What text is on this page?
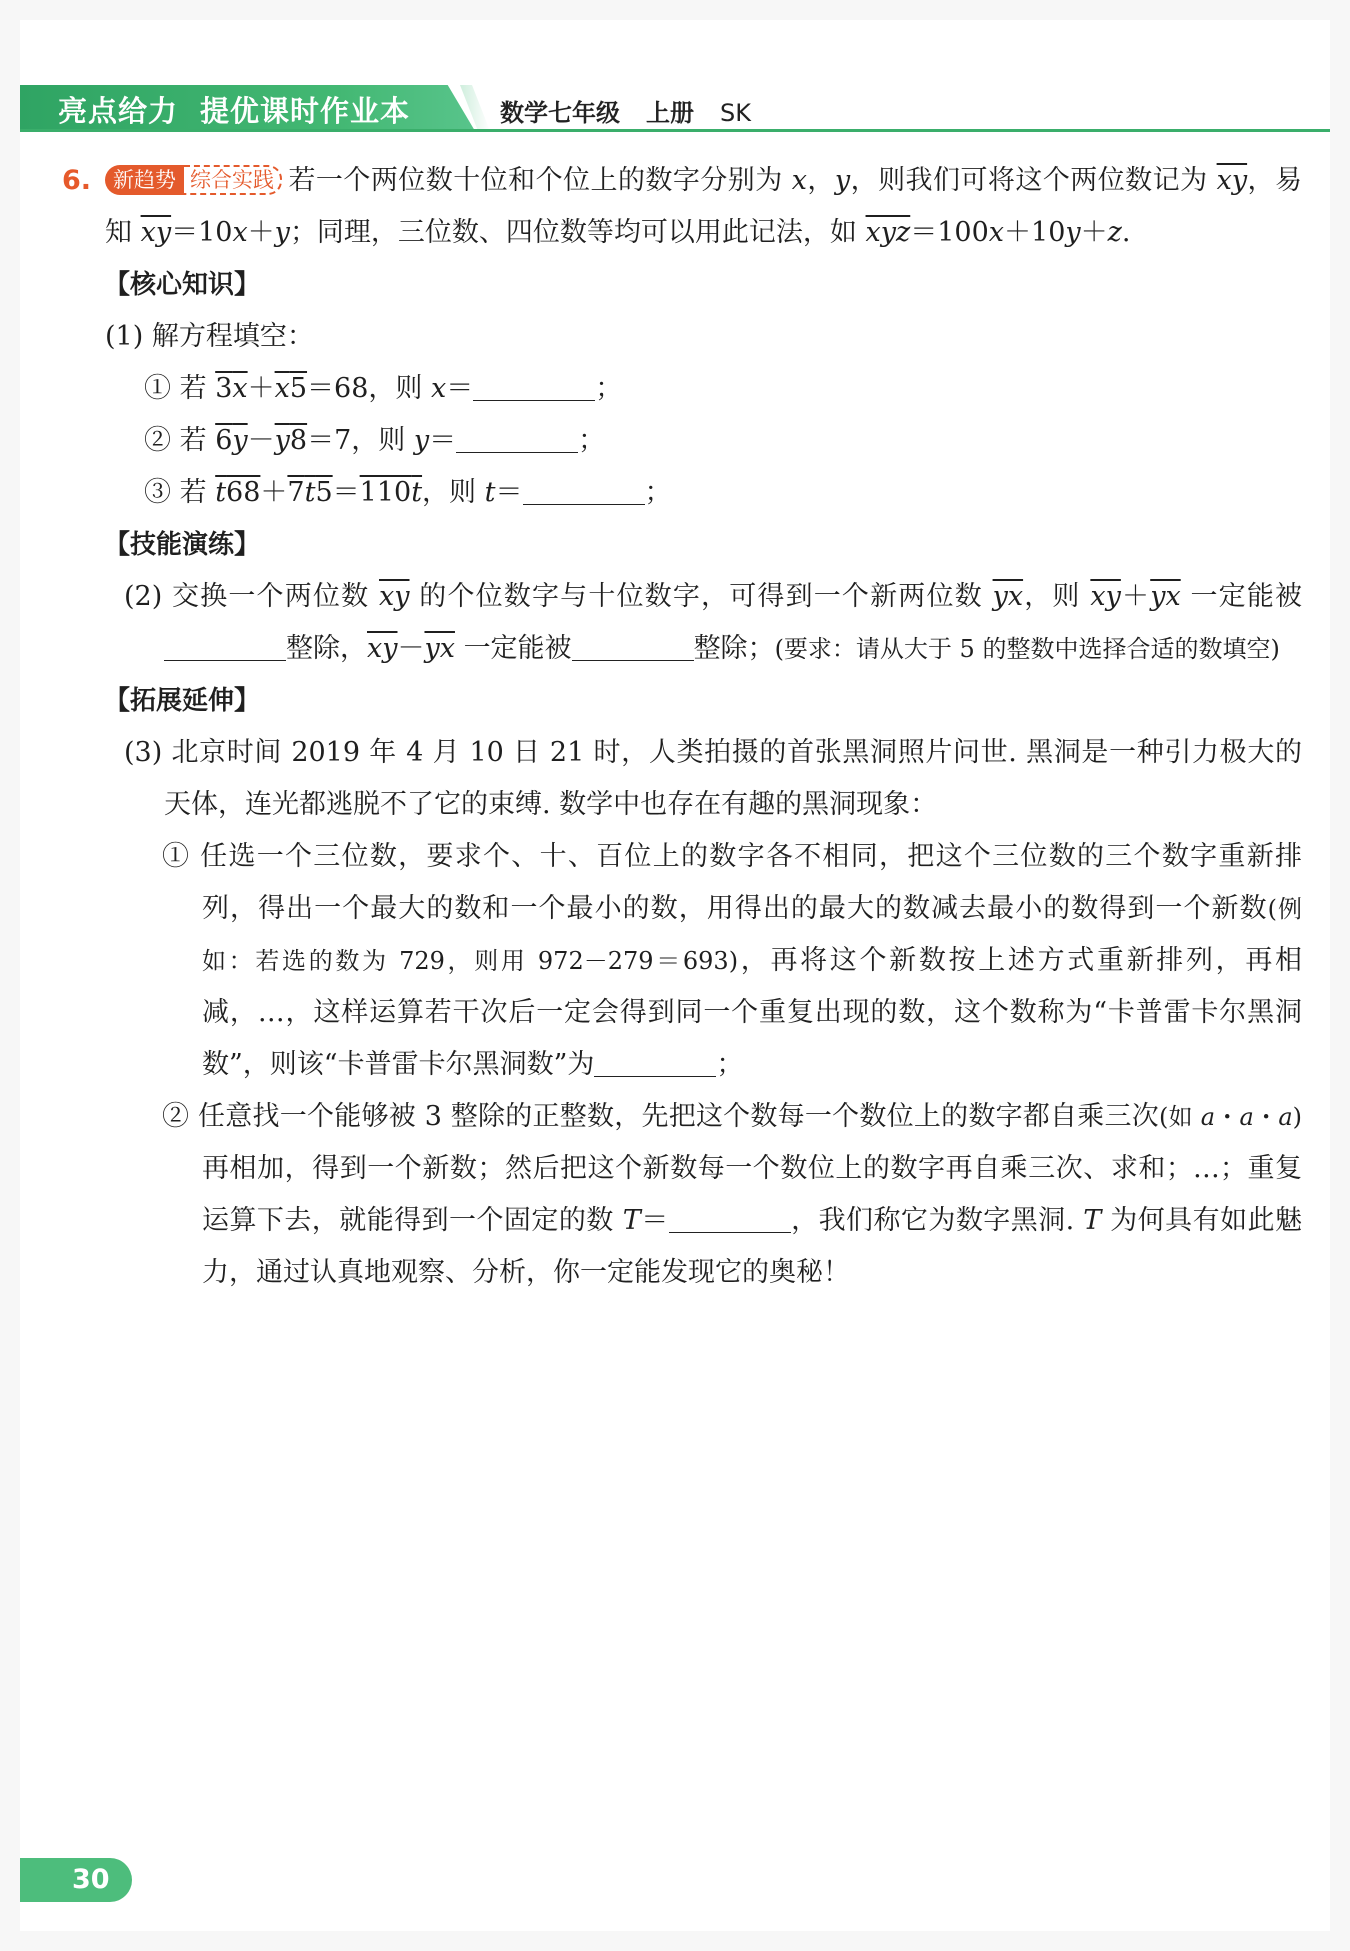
亮点给力 提优课时作业本	数学七年级 上册 SK
6.	新趋势 综合实践 若一个两位数十位和个位上的数字分别为 x，y，则我们可将这个两位数记为 $\overline{xy}$，易知 $\overline{xy}=10x+y$；同理，三位数、四位数等均可以用此记法，如 $\overline{xyz}=100x+10y+z$.

【核心知识】

(1) 解方程填空：

① 若 3x＋x5＝68，则 x＝	；

② 若 6y－y8＝7，则 y＝	；

③ 若 t68＋7t5＝110t，则 t＝	；

【技能演练】

(2) 交换一个两位数 $\overline{xy}$ 的个位数字与十位数字，可得到一个新两位数 $\overline{yx}$，则 $\overline{xy}+\overline{yx}$ 一定能被整除，$\overline{xy}-\overline{yx}$ 一定能被	整除；(要求：请从大于 5 的整数中选择合适的数填空)

【拓展延伸】

(3) 北京时间 2019 年 4 月 10 日 21 时，人类拍摄的首张黑洞照片问世. 黑洞是一种引力极大的天体，连光都逃脱不了它的束缚. 数学中也存在有趣的黑洞现象：

① 任选一个三位数，要求个、十、百位上的数字各不相同，把这个三位数的三个数字重新排列，得出一个最大的数和一个最小的数，用得出的最大的数减去最小的数得到一个新数(例如：若选的数为 729，则用 972－279＝693)，再将这个新数按上述方式重新排列，再相减，…，这样运算若干次后一定会得到同一个重复出现的数，这个数称为“卡普雷卡尔黑洞数”，则该“卡普雷卡尔黑洞数”为	；

② 任意找一个能够被 3 整除的正整数，先把这个数每一个数位上的数字都自乘三次(如 a・a・a)再相加，得到一个新数；然后把这个新数每一个数位上的数字再自乘三次、求和；…；重复运算下去，就能得到一个固定的数 T＝	，我们称它为数字黑洞. T 为何具有如此魅力，通过认真地观察、分析，你一定能发现它的奥秘！

30
